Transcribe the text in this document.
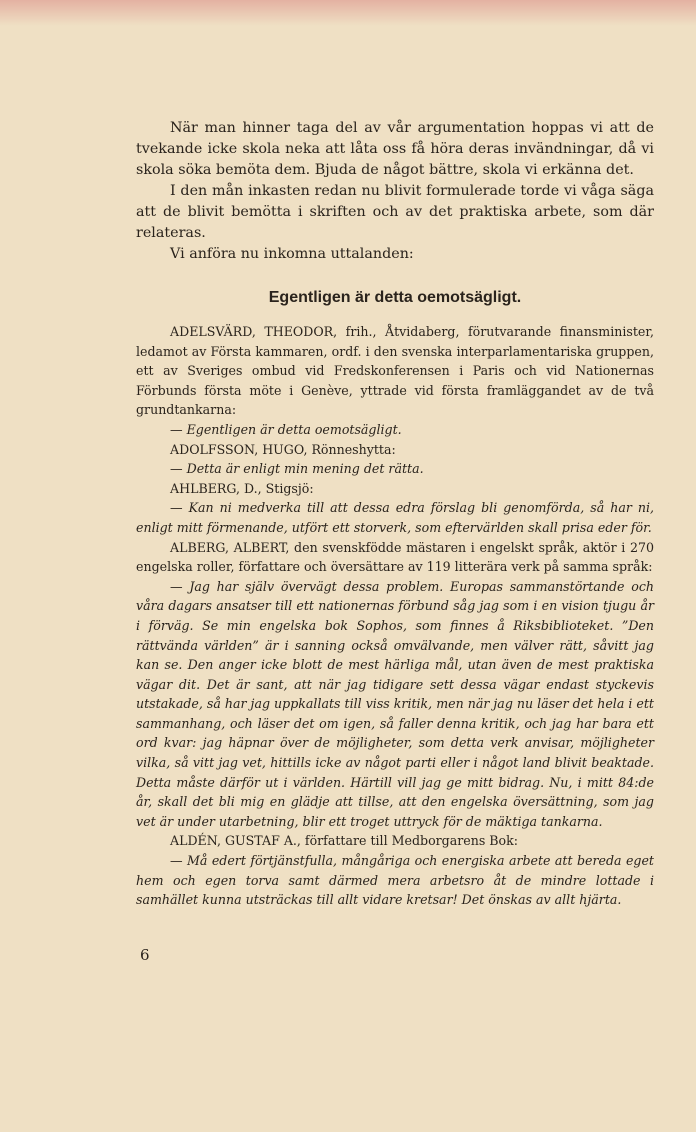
När man hinner taga del av vår argumentation hoppas vi att de tvekande icke skola neka att låta oss få höra deras invändningar, då vi skola söka bemöta dem. Bjuda de något bättre, skola vi erkänna det.

I den mån inkasten redan nu blivit formulerade torde vi våga säga att de blivit bemötta i skriften och av det praktiska arbete, som där relateras.

Vi anföra nu inkomna uttalanden:

Egentligen är detta oemotsägligt.

ADELSVÄRD, THEODOR, frih., Åtvidaberg, förutvarande finansminister, ledamot av Första kammaren, ordf. i den svenska interparlamentariska gruppen, ett av Sveriges ombud vid Fredskonferensen i Paris och vid Nationernas Förbunds första möte i Genève, yttrade vid första framläggandet av de två grundtankarna:

— Egentligen är detta oemotsägligt.

ADOLFSSON, HUGO, Rönneshytta:

— Detta är enligt min mening det rätta.

AHLBERG, D., Stigsjö:

— Kan ni medverka till att dessa edra förslag bli genomförda, så har ni, enligt mitt förmenande, utfört ett storverk, som eftervärlden skall prisa eder för.

ALBERG, ALBERT, den svenskfödde mästaren i engelskt språk, aktör i 270 engelska roller, författare och översättare av 119 litterära verk på samma språk:

— Jag har själv övervägt dessa problem. Europas sammanstörtande och våra dagars ansatser till ett nationernas förbund såg jag som i en vision tjugu år i förväg. Se min engelska bok Sophos, som finnes å Riksbiblioteket. ”Den rättvända världen” är i sanning också omvälvande, men välver rätt, såvitt jag kan se. Den anger icke blott de mest härliga mål, utan även de mest praktiska vägar dit. Det är sant, att när jag tidigare sett dessa vägar endast styckevis utstakade, så har jag uppkallats till viss kritik, men när jag nu läser det hela i ett sammanhang, och läser det om igen, så faller denna kritik, och jag har bara ett ord kvar: jag häpnar över de möjligheter, som detta verk anvisar, möjligheter vilka, så vitt jag vet, hittills icke av något parti eller i något land blivit beaktade. Detta måste därför ut i världen. Härtill vill jag ge mitt bidrag. Nu, i mitt 84:de år, skall det bli mig en glädje att tillse, att den engelska översättning, som jag vet är under utarbetning, blir ett troget uttryck för de mäktiga tankarna.

ALDÉN, GUSTAF A., författare till Medborgarens Bok:

— Må edert förtjänstfulla, mångåriga och energiska arbete att bereda eget hem och egen torva samt därmed mera arbetsro åt de mindre lottade i samhället kunna utsträckas till allt vidare kretsar! Det önskas av allt hjärta.

6
